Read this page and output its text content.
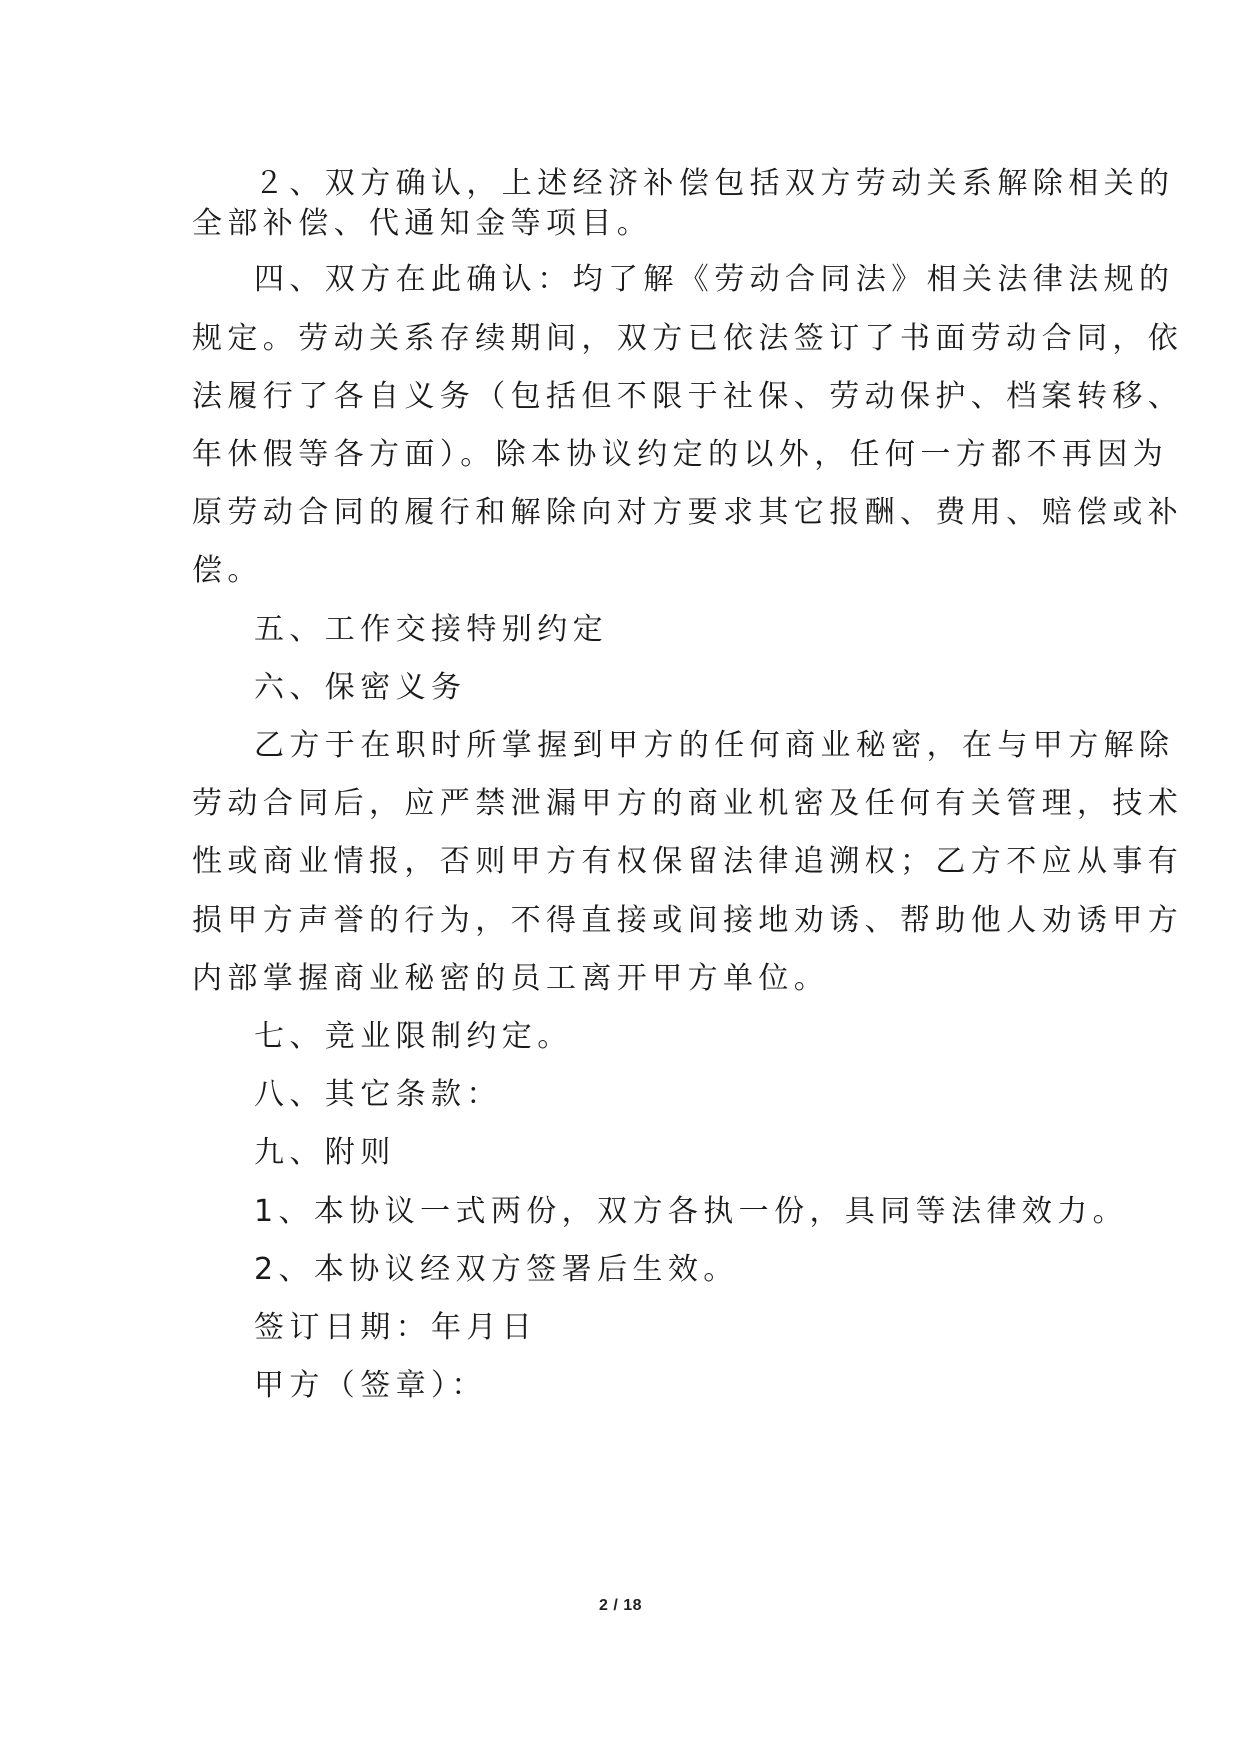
２、双方确认，上述经济补偿包括双方劳动关系解除相关的
全部补偿、代通知金等项目。
四、双方在此确认：均了解《劳动合同法》相关法律法规的
规定。劳动关系存续期间，双方已依法签订了书面劳动合同，依
法履行了各自义务（包括但不限于社保、劳动保护、档案转移、
年休假等各方面）。除本协议约定的以外，任何一方都不再因为
原劳动合同的履行和解除向对方要求其它报酬、费用、赔偿或补
偿。
五、工作交接特别约定
六、保密义务
乙方于在职时所掌握到甲方的任何商业秘密，在与甲方解除
劳动合同后，应严禁泄漏甲方的商业机密及任何有关管理，技术
性或商业情报，否则甲方有权保留法律追溯权；乙方不应从事有
损甲方声誉的行为，不得直接或间接地劝诱、帮助他人劝诱甲方
内部掌握商业秘密的员工离开甲方单位。
七、竞业限制约定。
八、其它条款：
九、附则
1、本协议一式两份，双方各执一份，具同等法律效力。
2、本协议经双方签署后生效。
签订日期：年月日
甲方（签章）：
2 / 18
